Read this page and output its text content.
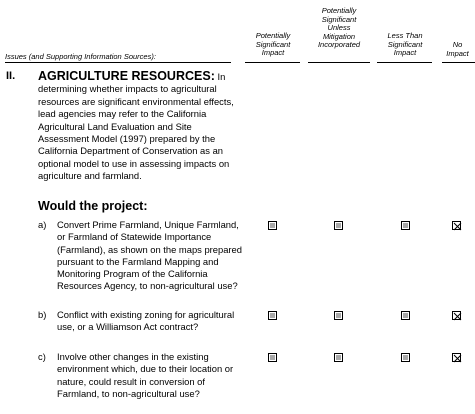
Issues (and Supporting Information Sources):
Potentially
Significant
Impact
Potentially
Significant
Unless
Mitigation
Incorporated
Less Than
Significant
Impact
No
Impact
II. AGRICULTURE RESOURCES: In determining whether impacts to agricultural resources are significant environmental effects, lead agencies may refer to the California Agricultural Land Evaluation and Site Assessment Model (1997) prepared by the California Department of Conservation as an optional model to use in assessing impacts on agriculture and farmland.
Would the project:
a) Convert Prime Farmland, Unique Farmland, or Farmland of Statewide Importance (Farmland), as shown on the maps prepared pursuant to the Farmland Mapping and Monitoring Program of the California Resources Agency, to non-agricultural use?
b) Conflict with existing zoning for agricultural use, or a Williamson Act contract?
c) Involve other changes in the existing environment which, due to their location or nature, could result in conversion of Farmland, to non-agricultural use?
